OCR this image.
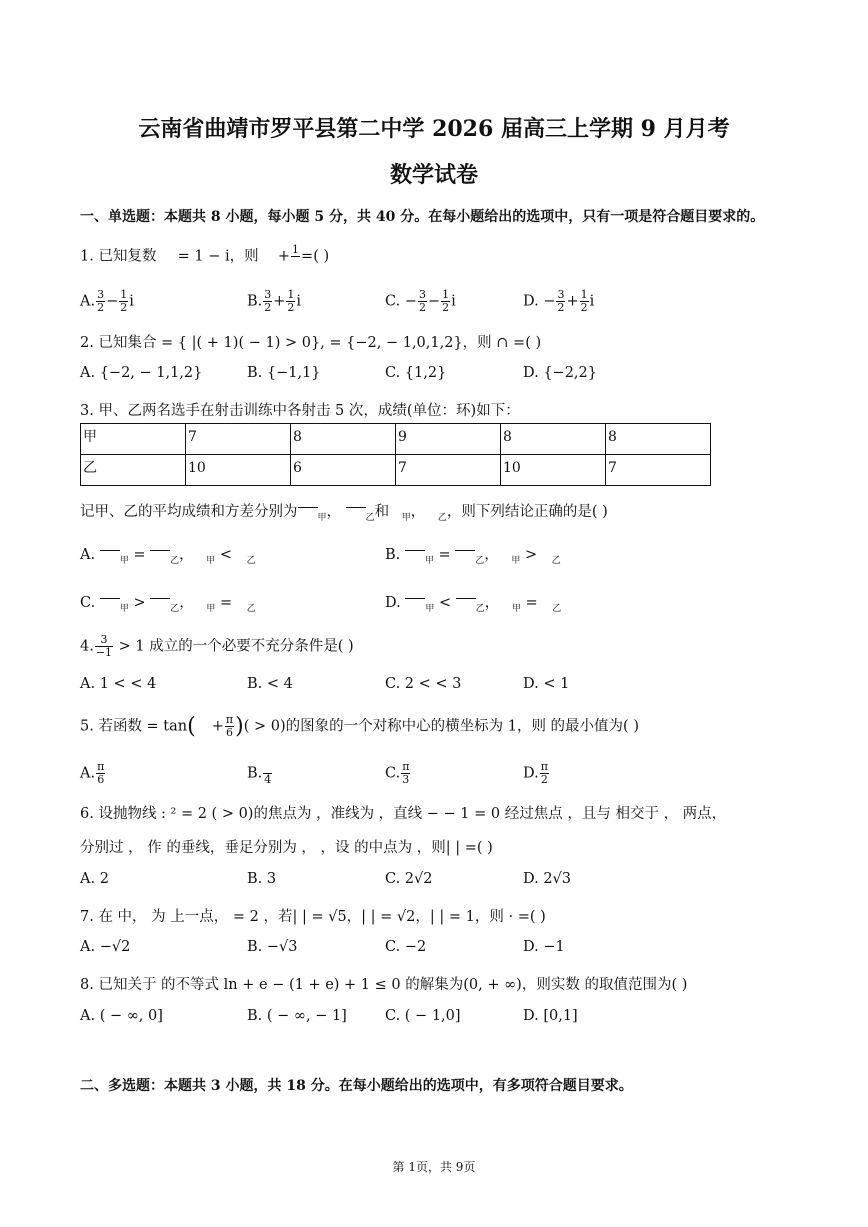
云南省曲靖市罗平县第二中学 2026 届高三上学期 9 月月考
数学试卷
一、单选题：本题共 8 小题，每小题 5 分，共 40 分。在每小题给出的选项中，只有一项是符合题目要求的。
1. 已知复数 = 1 − i，则 + 1
=( )
A. $\frac{3}{2} - \frac{1}{2}$ i	B. $\frac{3}{2} + \frac{1}{2}$ i	C. − $\frac{3}{2} - \frac{1}{2}$ i	D. − $\frac{3}{2} + \frac{1}{2}$ i
2. 已知集合 = { |( + 1)( − 1) > 0}, = {−2, − 1,0,1,2}，则 ∩ =( )
A. {−2, − 1,1,2}	B. {−1,1}	C. {1,2}	D. {−2,2}
3. 甲、乙两名选手在射击训练中各射击 5 次，成绩(单位：环)如下：
甲	7	8	9	8	8
乙	10	6	7	10	7
记甲、乙的平均成绩和方差分别为 $_甲$，	$_乙$和 $_甲$， $_乙$，则下列结论正确的是( )
A.	$_甲$ =	$_乙$， $_甲$ < $_乙$	B.	$_甲$ =	$_乙$， $_甲$ > $_乙$
C.	$_甲$ >	$_乙$， $_甲$ = $_乙$	D.	$_甲$ <	$_乙$， $_甲$ = $_乙$
4. $\frac{3}{-1} > 1$ 成立的一个必要不充分条件是( )
A. 1 < < 4	B. < 4	C. 2 < < 3	D. < 1
5. 若函数 = $\tan( + \frac{\pi}{6}$ )( > 0)的图象的一个对称中心的横坐标为 1，则 的最小值为( )
A. $\frac{\pi}{6}$	B.
4	C. $\frac{\pi}{3}$	D. $\frac{\pi}{2}$
6. 设抛物线 : ² = 2 ( > 0)的焦点为 ，准线为 ，直线 − − 1 = 0 经过焦点 ，且与 相交于 ， 两点，
分别过 ， 作 的垂线，垂足分别为 ， ，设 的中点为 ，则| | =( )
A. 2	B. 3	C. 2√2	D. 2√3
7. 在 中， 为 上一点， = 2 ，若| | = √5，| | = √2，| | = 1，则 · =( )
A. −√2	B. −√3	C. −2	D. −1
8. 已知关于 的不等式 ln + e − (1 + e) + 1 ≤ 0 的解集为(0, + ∞)，则实数 的取值范围为( )
A. ( − ∞, 0]	B. ( − ∞, − 1]	C. ( − 1,0]	D. [0,1]
二、多选题：本题共 3 小题，共 18 分。在每小题给出的选项中，有多项符合题目要求。
第 1页，共 9页
